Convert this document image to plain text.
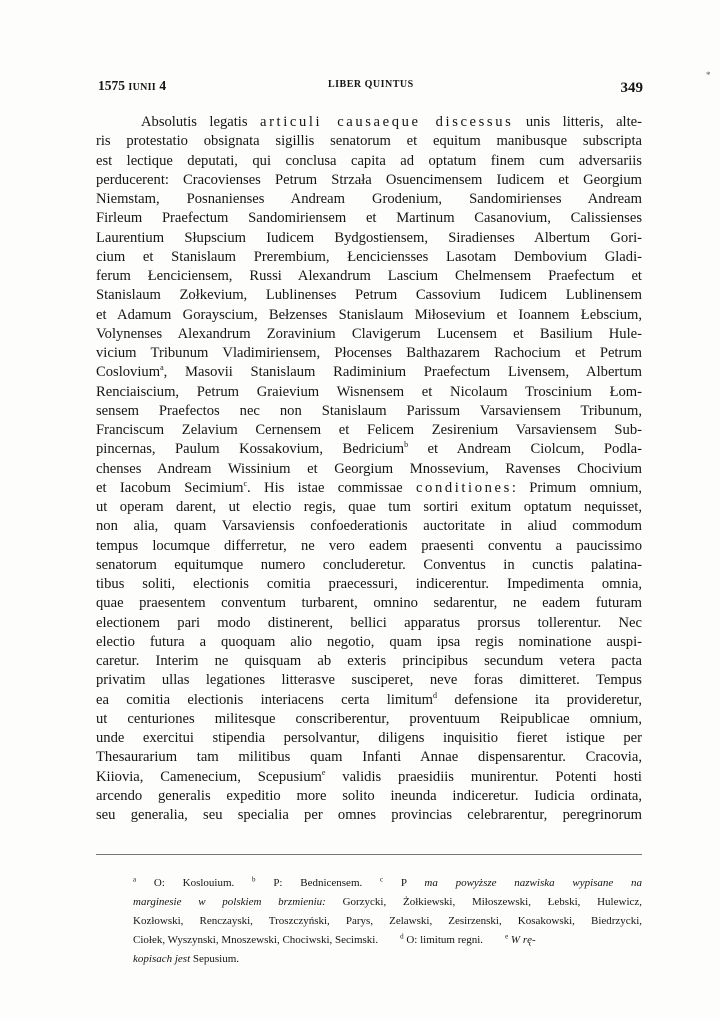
1575 IUNII 4	LIBER QUINTUS	349
*
Absolutis legatis articuli causaeque discessus unis litteris, alte-
ris protestatio obsignata sigillis senatorum et equitum manibusque subscripta
est lectique deputati, qui conclusa capita ad optatum finem cum adversariis
perducerent: Cracovienses Petrum Strzała Osuencimensem Iudicem et Georgium
Niemstam, Posnanienses Andream Grodenium, Sandomirienses Andream
Firleum Praefectum Sandomiriensem et Martinum Casanovium, Calissienses
Laurentium Słupscium Iudicem Bydgostiensem, Siradienses Albertum Gori-
cium et Stanislaum Prerembium, Łenciciensses Lasotam Dembovium Gladi-
ferum Łenciciensem, Russi Alexandrum Lascium Chelmensem Praefectum et
Stanislaum Zołkevium, Lublinenses Petrum Cassovium Iudicem Lublinensem
et Adamum Gorayscium, Bełzenses Stanislaum Miłosevium et Ioannem Łebscium,
Volynenses Alexandrum Zoravinium Clavigerum Lucensem et Basilium Hule-
vicium Tribunum Vladimiriensem, Płocenses Balthazarem Rachocium et Petrum
Coslovium$^a$, Masovii Stanislaum Radiminium Praefectum Livensem, Albertum
Renciaiscium, Petrum Graievium Wisnensem et Nicolaum Troscinium Łom-
sensem Praefectos nec non Stanislaum Parissum Varsaviensem Tribunum,
Franciscum Zelavium Cernensem et Felicem Zesirenium Varsaviensem Sub-
pincernas, Paulum Kossakovium, Bedricium$^b$ et Andream Ciolcum, Podla-
chenses Andream Wissinium et Georgium Mnossevium, Ravenses Chocivium
et Iacobum Secimium$^c$. His istae commissae conditiones: Primum omnium,
ut operam darent, ut electio regis, quae tum sortiri exitum optatum nequisset,
non alia, quam Varsaviensis confoederationis auctoritate in aliud commodum
tempus locumque differretur, ne vero eadem praesenti conventu a paucissimo
senatorum equitumque numero concluderetur. Conventus in cunctis palatina-
tibus soliti, electionis comitia praecessuri, indicerentur. Impedimenta omnia,
quae praesentem conventum turbarent, omnino sedarentur, ne eadem futuram
electionem pari modo distinerent, bellici apparatus prorsus tollerentur. Nec
electio futura a quoquam alio negotio, quam ipsa regis nominatione auspi-
caretur. Interim ne quisquam ab exteris principibus secundum vetera pacta
privatim ullas legationes litterasve susciperet, neve foras dimitteret. Tempus
ea comitia electionis interiacens certa limitum$^d$ defensione ita provideretur,
ut centuriones militesque conscriberentur, proventuum Reipublicae omnium,
unde exercitui stipendia persolvantur, diligens inquisitio fieret istique per
Thesaurarium tam militibus quam Infanti Annae dispensarentur. Cracovia,
Kiiovia, Camenecium, Scepusium$^e$ validis praesidiis munirentur. Potenti hosti
arcendo generalis expeditio more solito ineunda indiceretur. Iudicia ordinata,
seu generalia, seu specialia per omnes provincias celebrarentur, peregrinorum
$^a$ O: Koslouium.	$^b$ P: Bednicensem.	$^c$ P ma powyższe nazwiska wypisane na
marginesie w polskiem brzmieniu: Gorzycki, Żołkiewski, Miłoszewski, Łebski, Hulewicz,
Kozłowski, Renczayski, Troszczyński, Parys, Zelawski, Zesirzenski, Kosakowski, Biedrzycki,
Ciołek, Wyszynski, Mnoszewski, Chociwski, Secimski.	$^d$ O: limitum regni.	$^e$ W rę-
kopisach jest Sepusium.
